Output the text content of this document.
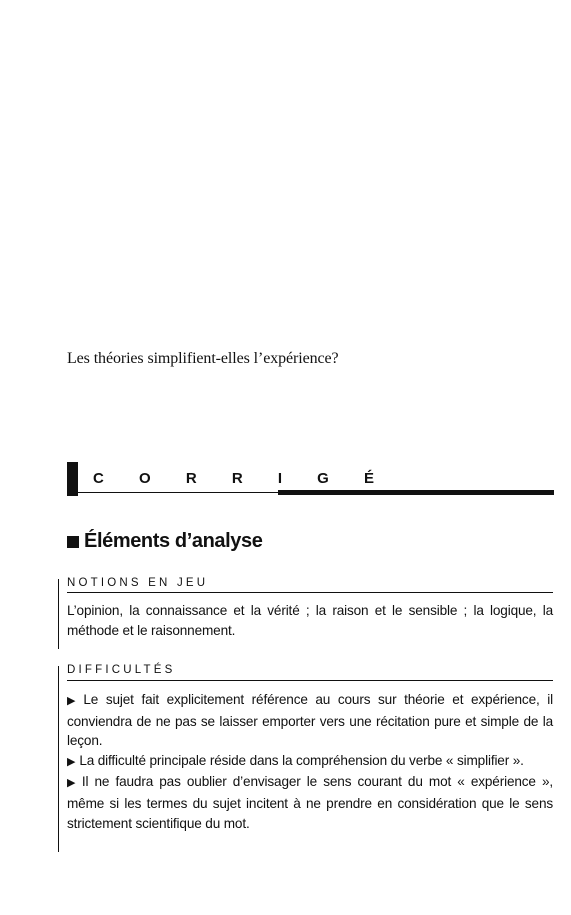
Les théories simplifient-elles l’expérience?
C O R R I G É
Éléments d’analyse
NOTIONS EN JEU
L’opinion, la connaissance et la vérité ; la raison et le sensible ; la logique, la méthode et le raisonnement.
DIFFICULTÉS

▶ Le sujet fait explicitement référence au cours sur théorie et expérience, il conviendra de ne pas se laisser emporter vers une récitation pure et simple de la leçon.

▶ La difficulté principale réside dans la compréhension du verbe « simplifier ».

▶ Il ne faudra pas oublier d’envisager le sens courant du mot « expérience », même si les termes du sujet incitent à ne prendre en considération que le sens strictement scientifique du mot.
